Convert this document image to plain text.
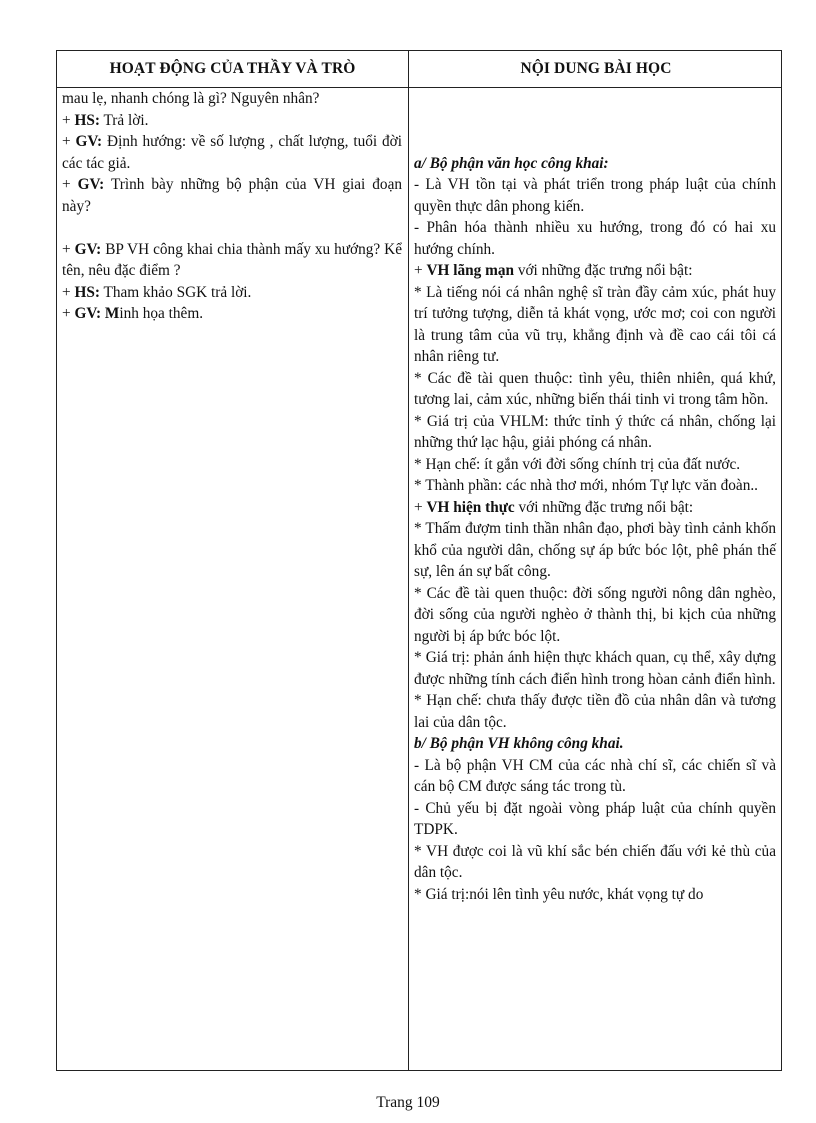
HOẠT ĐỘNG CỦA THẦY VÀ TRÒ	NỘI DUNG BÀI HỌC

mau lẹ, nhanh chóng là gì? Nguyên nhân?

+ HS: Trả lời.

+ GV: Định hướng: về số lượng , chất lượng, tuổi đời các tác giả.

+ GV: Trình bày những bộ phận của VH giai đoạn này?

+ GV: BP VH công khai chia thành mấy xu hướng? Kể tên, nêu đặc điểm ?

+ HS: Tham khảo SGK trả lời.

+ GV: Minh họa thêm.

a/ Bộ phận văn học công khai:

- Là VH tồn tại và phát triển trong pháp luật của chính quyền thực dân phong kiến.

- Phân hóa thành nhiều xu hướng, trong đó có hai xu hướng chính.

+ VH lãng mạn với những đặc trưng nổi bật:

* Là tiếng nói cá nhân nghệ sĩ tràn đầy cảm xúc, phát huy trí tưởng tượng, diễn tả khát vọng, ước mơ; coi con người là trung tâm của vũ trụ, khẳng định và đề cao cái tôi cá nhân riêng tư.

* Các đề tài quen thuộc: tình yêu, thiên nhiên, quá khứ, tương lai, cảm xúc, những biến thái tinh vi trong tâm hồn.

* Giá trị của VHLM: thức tỉnh ý thức cá nhân, chống lại những thứ lạc hậu, giải phóng cá nhân.

* Hạn chế: ít gắn với đời sống chính trị của đất nước.

* Thành phần: các nhà thơ mới, nhóm Tự lực văn đoàn..

+ VH hiện thực với những đặc trưng nổi bật:

* Thấm đượm tinh thần nhân đạo, phơi bày tình cảnh khốn khổ của người dân, chống sự áp bức bóc lột, phê phán thế sự, lên án sự bất công.

* Các đề tài quen thuộc: đời sống người nông dân nghèo, đời sống của người nghèo ở thành thị, bi kịch của những người bị áp bức bóc lột.

* Giá trị: phản ánh hiện thực khách quan, cụ thể, xây dựng được những tính cách điển hình trong hòan cảnh điển hình.

* Hạn chế: chưa thấy được tiền đồ của nhân dân và tương lai của dân tộc.

b/ Bộ phận VH không công khai.

- Là bộ phận VH CM của các nhà chí sĩ, các chiến sĩ và cán bộ CM được sáng tác trong tù.

- Chủ yếu bị đặt ngoài vòng pháp luật của chính quyền TDPK.

* VH được coi là vũ khí sắc bén chiến đấu với kẻ thù của dân tộc.

* Giá trị:nói lên tình yêu nước, khát vọng tự do

Trang 109
